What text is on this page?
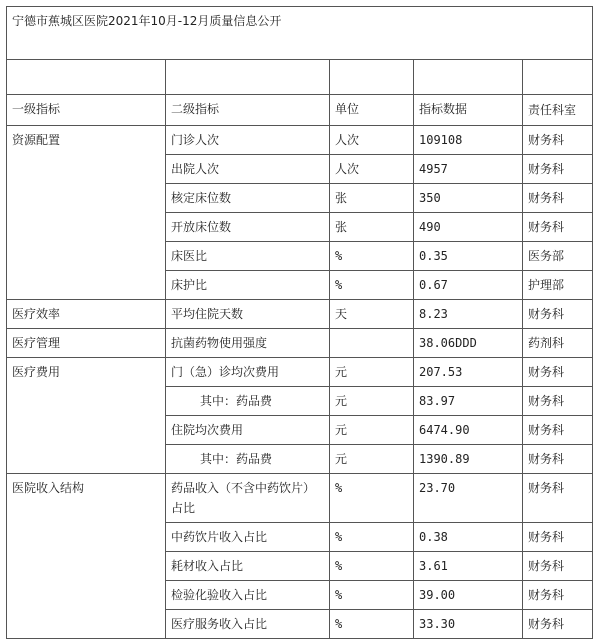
宁德市蕉城区医院2021年10月-12月质量信息公开				

一级指标	二级指标	单位	指标数据	责任科室
资源配置	门诊人次	人次	109108	财务科
	出院人次	人次	4957	财务科
	核定床位数	张	350	财务科
	开放床位数	张	490	财务科
	床医比	%	0.35	医务部
	床护比	%	0.67	护理部
医疗效率	平均住院天数	天	8.23	财务科
医疗管理	抗菌药物使用强度		38.06DDD	药剂科
医疗费用	门（急）诊均次费用	元	207.53	财务科
	其中：药品费	元	83.97	财务科
	住院均次费用	元	6474.90	财务科
	其中：药品费	元	1390.89	财务科
医院收入结构	药品收入（不含中药饮片）占比	%	23.70	财务科
	中药饮片收入占比	%	0.38	财务科
	耗材收入占比	%	3.61	财务科
	检验化验收入占比	%	39.00	财务科
	医疗服务收入占比	%	33.30	财务科
